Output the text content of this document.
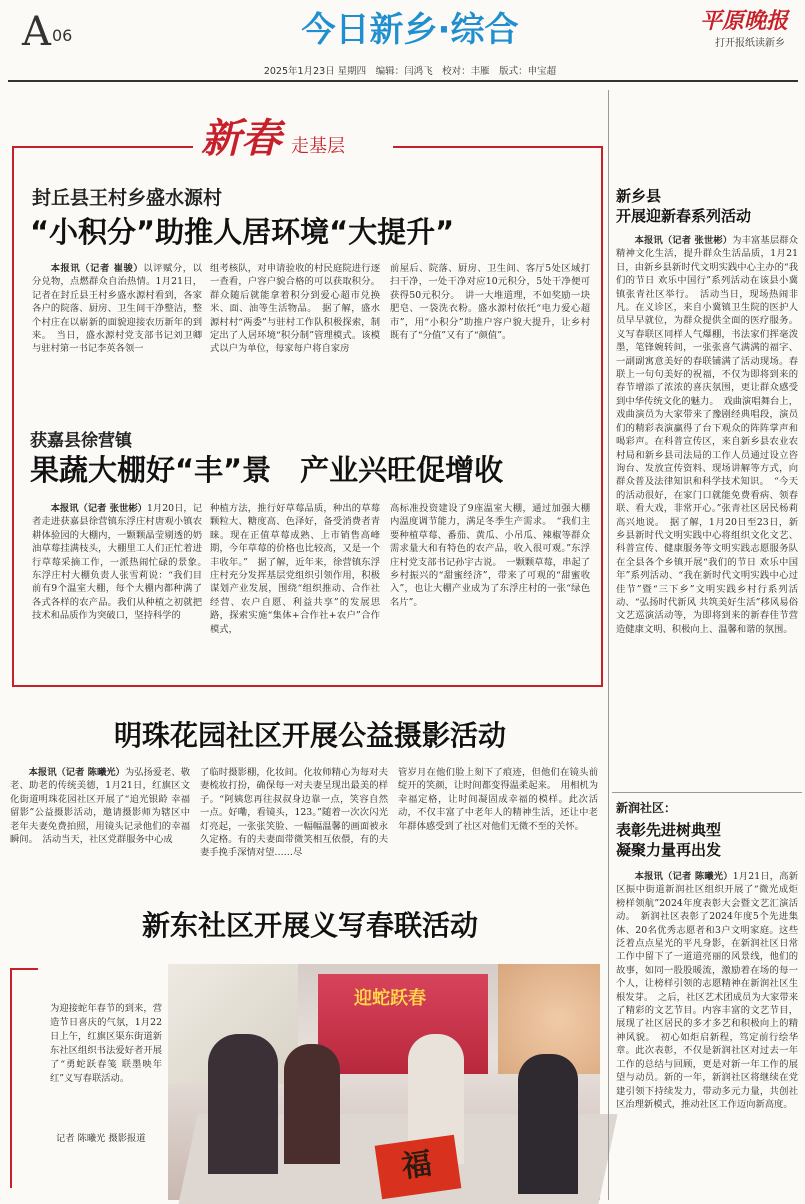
A 06	今日新乡·综合	平原晚报
打开报纸读新乡
2025年1月23日 星期四　编辑：闫鸿飞　校对：丰雁　版式：申宝超
新春 走基层
封丘县王村乡盛水源村
“小积分”助推人居环境“大提升”
本报讯（记者 崔骏）以评赋分，以分兑物，点燃群众自治热情。1月21日，记者在封丘县王村乡盛水源村看到，各家各户的院落、厨房、卫生间干净整洁，整个村庄在以崭新的面貌迎接农历新年的到来。　当日，盛水源村党支部书记刘卫卿与驻村第一书记李英各领一
组考核队，对申请验收的村民庭院进行逐一查看，户容户貌合格的可以获取积分。群众随后就能拿着积分到爱心超市兑换米、面、油等生活物品。　据了解，盛水源村村“两委”与驻村工作队积极探索，制定出了人居环境“积分制”管理模式。该模式以户为单位，每家每户将自家房
前屋后、院落、厨房、卫生间、客厅5处区域打扫干净，一处干净对应10元积分，5处干净便可获得50元积分。　讲一大堆道理，不如奖励一块肥皂、一袋洗衣粉。盛水源村依托“电力爱心超市”，用“小积分”助推户容户貌大提升，让乡村既有了“分值”又有了“颜值”。
获嘉县徐营镇
果蔬大棚好“丰”景　产业兴旺促增收
本报讯（记者 张世彬）1月20日，记者走进获嘉县徐营镇东浮庄村唐观小镇农耕体验园的大棚内，一颗颗晶莹剔透的奶油草莓挂满枝头，大棚里工人们正忙着进行草莓采摘工作，一派热闹忙碌的景象。　东浮庄村大棚负责人张雪莉说：“我们目前有9个温室大棚，每个大棚内都种满了各式各样的农产品。我们从种植之初就把技术和品质作为突破口，坚持科学的
种植方法，推行好草莓品质，种出的草莓颗粒大、糖度高、色泽好，备受消费者青睐。现在正值草莓成熟、上市销售高峰期，今年草莓的价格也比较高，又是一个丰收年。”　据了解，近年来，徐营镇东浮庄村充分发挥基层党组织引领作用，积极谋划产业发展，围绕“组织推动、合作社经营、农户自愿、利益共享”的发展思路，探索实施“集体+合作社+农户”合作模式，
高标准投资建设了9座温室大棚，通过加强大棚内温度调节能力，满足冬季生产需求。　“我们主要种植草莓、番茄、黄瓜、小吊瓜、辣椒等群众需求量大和有特色的农产品，收入很可观。”东浮庄村党支部书记孙宇古说。　一颗颗草莓，串起了乡村振兴的“甜蜜经济”，带来了可观的“甜蜜收入”，也让大棚产业成为了东浮庄村的一张“绿色名片”。
明珠花园社区开展公益摄影活动
本报讯（记者 陈曦光）为弘扬爱老、敬老、助老的传统美德，1月21日，红旗区文化街道明珠花园社区开展了“追光银龄 幸福留影”公益摄影活动，邀请摄影师为辖区中老年夫妻免费拍照，用镜头记录他们的幸福瞬间。　活动当天，社区党群服务中心成
了临时摄影棚，化妆间。化妆师精心为每对夫妻梳妆打扮，确保每一对夫妻呈现出最美的样子。“阿姨您再往叔叔身边靠一点，笑容自然一点。好嘞，看镜头，123。”随着一次次闪光灯亮起，一张张笑脸、一幅幅温馨的画面被永久定格。有的夫妻面带微笑相互依偎，有的夫妻手挽手深情对望……尽
管岁月在他们脸上刻下了痕迹，但他们在镜头前绽开的笑颜，让时间都变得温柔起来。　用相机为幸福定格，让时间凝固成幸福的模样。此次活动，不仅丰富了中老年人的精神生活，还让中老年群体感受到了社区对他们无微不至的关怀。
新东社区开展义写春联活动
为迎接蛇年春节的到来，营造节日喜庆的气氛，1月22日上午，红旗区渠东街道新东社区组织书法爱好者开展了“勇蛇跃春笺 联墨映年红”义写春联活动。
记者 陈曦光 摄影报道
迎蛇跃春
福
新乡县
开展迎新春系列活动
本报讯（记者 张世彬）为丰富基层群众精神文化生活，提升群众生活品质，1月21日，由新乡县新时代文明实践中心主办的“我们的节日 欢乐中国行”系列活动在该县小冀镇张青社区举行。　活动当日，现场热闹非凡。在义诊区，来自小冀镇卫生院的医护人员早早就位，为群众提供全面的医疗服务。义写春联区同样人气爆棚，书法家们挥毫泼墨，笔锋婉转间，一张张喜气满满的福字、一副副寓意美好的春联铺满了活动现场。春联上一句句美好的祝福，不仅为即将到来的春节增添了浓浓的喜庆氛围，更让群众感受到中华传统文化的魅力。　戏曲演唱舞台上，戏曲演员为大家带来了豫剧经典唱段，演员们的精彩表演赢得了台下观众的阵阵掌声和喝彩声。在科普宣传区，来自新乡县农业农村局和新乡县司法局的工作人员通过设立咨询台、发放宣传资料、现场讲解等方式，向群众普及法律知识和科学技术知识。　“今天的活动很好，在家门口就能免费看病、领春联、看大戏，非常开心。”张青社区居民杨莉高兴地说。　据了解，1月20日至23日，新乡县新时代文明实践中心将组织文化文艺、科普宣传、健康服务等文明实践志愿服务队在全县各个乡镇开展“我们的节日 欢乐中国年”系列活动、“我在新时代文明实践中心过佳节”暨“三下乡”文明实践乡村行系列活动、“弘扬时代新风 共筑美好生活”移风易俗文艺巡演活动等，为即将到来的新春佳节营造健康文明、积极向上、温馨和谐的氛围。
新润社区：
表彰先进树典型
凝聚力量再出发
本报讯（记者 陈曦光）1月21日，高新区振中街道新润社区组织开展了“微光成炬 榜样领航”2024年度表彰大会暨文艺汇演活动。　新润社区表彰了2024年度5个先进集体、20名优秀志愿者和3户文明家庭。这些泛着点点星光的平凡身影，在新润社区日常工作中留下了一道道亮丽的风景线，他们的故事，如同一股股暖流，激励着在场的每一个人，让榜样引领的志愿精神在新润社区生根发芽。　之后，社区艺术团成员为大家带来了精彩的文艺节目。内容丰富的文艺节目，展现了社区居民的多才多艺和积极向上的精神风貌。　初心如炬启新程，笃定前行绘华章。此次表彰，不仅是新润社区对过去一年工作的总结与回顾，更是对新一年工作的展望与动员。新的一年，新润社区将继续在党建引领下持续发力，带动多元力量，共创社区治理新模式，推动社区工作迈向新高度。
